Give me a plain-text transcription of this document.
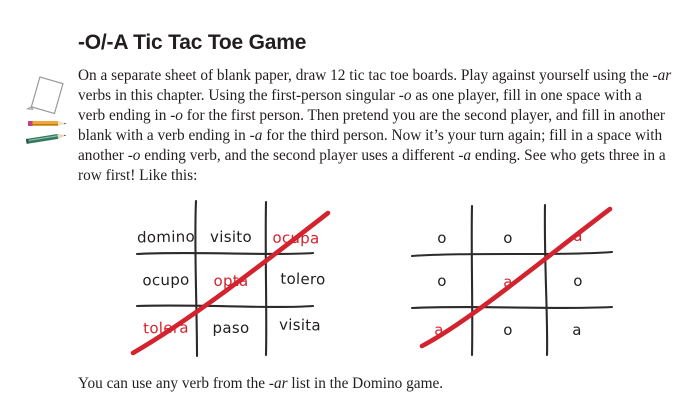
-O/-A Tic Tac Toe Game

On a separate sheet of blank paper, draw 12 tic tac toe boards. Play against yourself using the -ar verbs in this chapter. Using the first-person singular -o as one player, fill in one space with a verb ending in -o for the first person. Then pretend you are the second player, and fill in another blank with a verb ending in -a for the third person. Now it’s your turn again; fill in a space with another -o ending verb, and the second player uses a different -a ending. See who gets three in a row first! Like this:

domino visito ocupa
ocupo opta tolero
tolera paso visita
o	o	a
o	a	o
a	o	a

You can use any verb from the -ar list in the Domino game.
